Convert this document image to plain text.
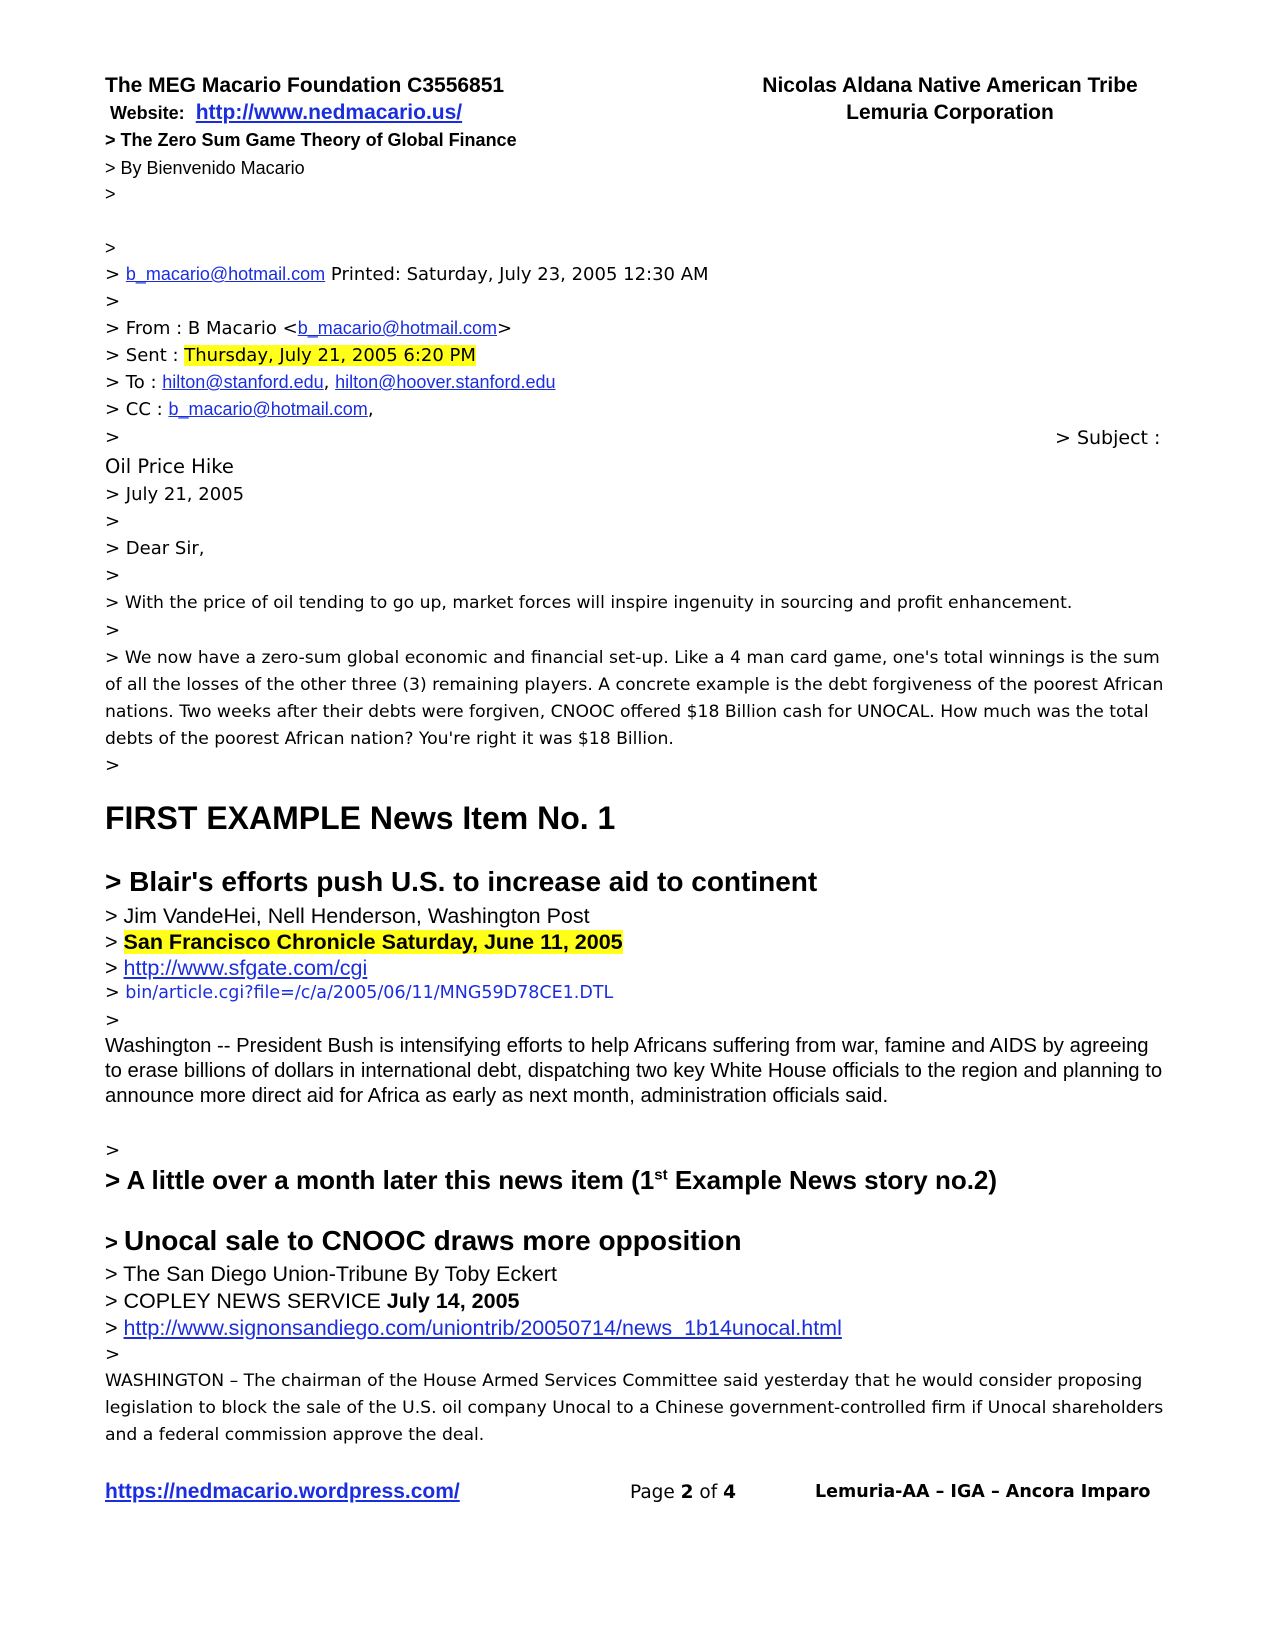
The MEG Macario Foundation C3556851
Website: http://www.nedmacario.us/
Nicolas Aldana Native American Tribe
Lemuria Corporation
> The Zero Sum Game Theory of Global Finance
> By Bienvenido Macario
>
>
> b_macario@hotmail.com Printed: Saturday, July 23, 2005 12:30 AM
>
> From : B Macario <b_macario@hotmail.com>
> Sent : Thursday, July 21, 2005 6:20 PM
> To : hilton@stanford.edu, hilton@hoover.stanford.edu
> CC : b_macario@hotmail.com,
>	> Subject :
Oil Price Hike
> July 21, 2005
>
> Dear Sir,
>
> With the price of oil tending to go up, market forces will inspire ingenuity in sourcing and profit enhancement.
>
> We now have a zero-sum global economic and financial set-up. Like a 4 man card game, one's total winnings is the sum of all the losses of the other three (3) remaining players. A concrete example is the debt forgiveness of the poorest African nations. Two weeks after their debts were forgiven, CNOOC offered $18 Billion cash for UNOCAL. How much was the total debts of the poorest African nation? You're right it was $18 Billion.
>
FIRST EXAMPLE News Item No. 1
> Blair's efforts push U.S. to increase aid to continent
> Jim VandeHei, Nell Henderson, Washington Post
> San Francisco Chronicle Saturday, June 11, 2005
> http://www.sfgate.com/cgi
> bin/article.cgi?file=/c/a/2005/06/11/MNG59D78CE1.DTL
>
Washington -- President Bush is intensifying efforts to help Africans suffering from war, famine and AIDS by agreeing to erase billions of dollars in international debt, dispatching two key White House officials to the region and planning to announce more direct aid for Africa as early as next month, administration officials said.
>
> A little over a month later this news item (1st Example News story no.2)
> Unocal sale to CNOOC draws more opposition
> The San Diego Union-Tribune By Toby Eckert
> COPLEY NEWS SERVICE July 14, 2005
> http://www.signonsandiego.com/uniontrib/20050714/news_1b14unocal.html
>
WASHINGTON – The chairman of the House Armed Services Committee said yesterday that he would consider proposing legislation to block the sale of the U.S. oil company Unocal to a Chinese government-controlled firm if Unocal shareholders and a federal commission approve the deal.
https://nedmacario.wordpress.com/	Page 2 of 4	Lemuria-AA – IGA – Ancora Imparo
